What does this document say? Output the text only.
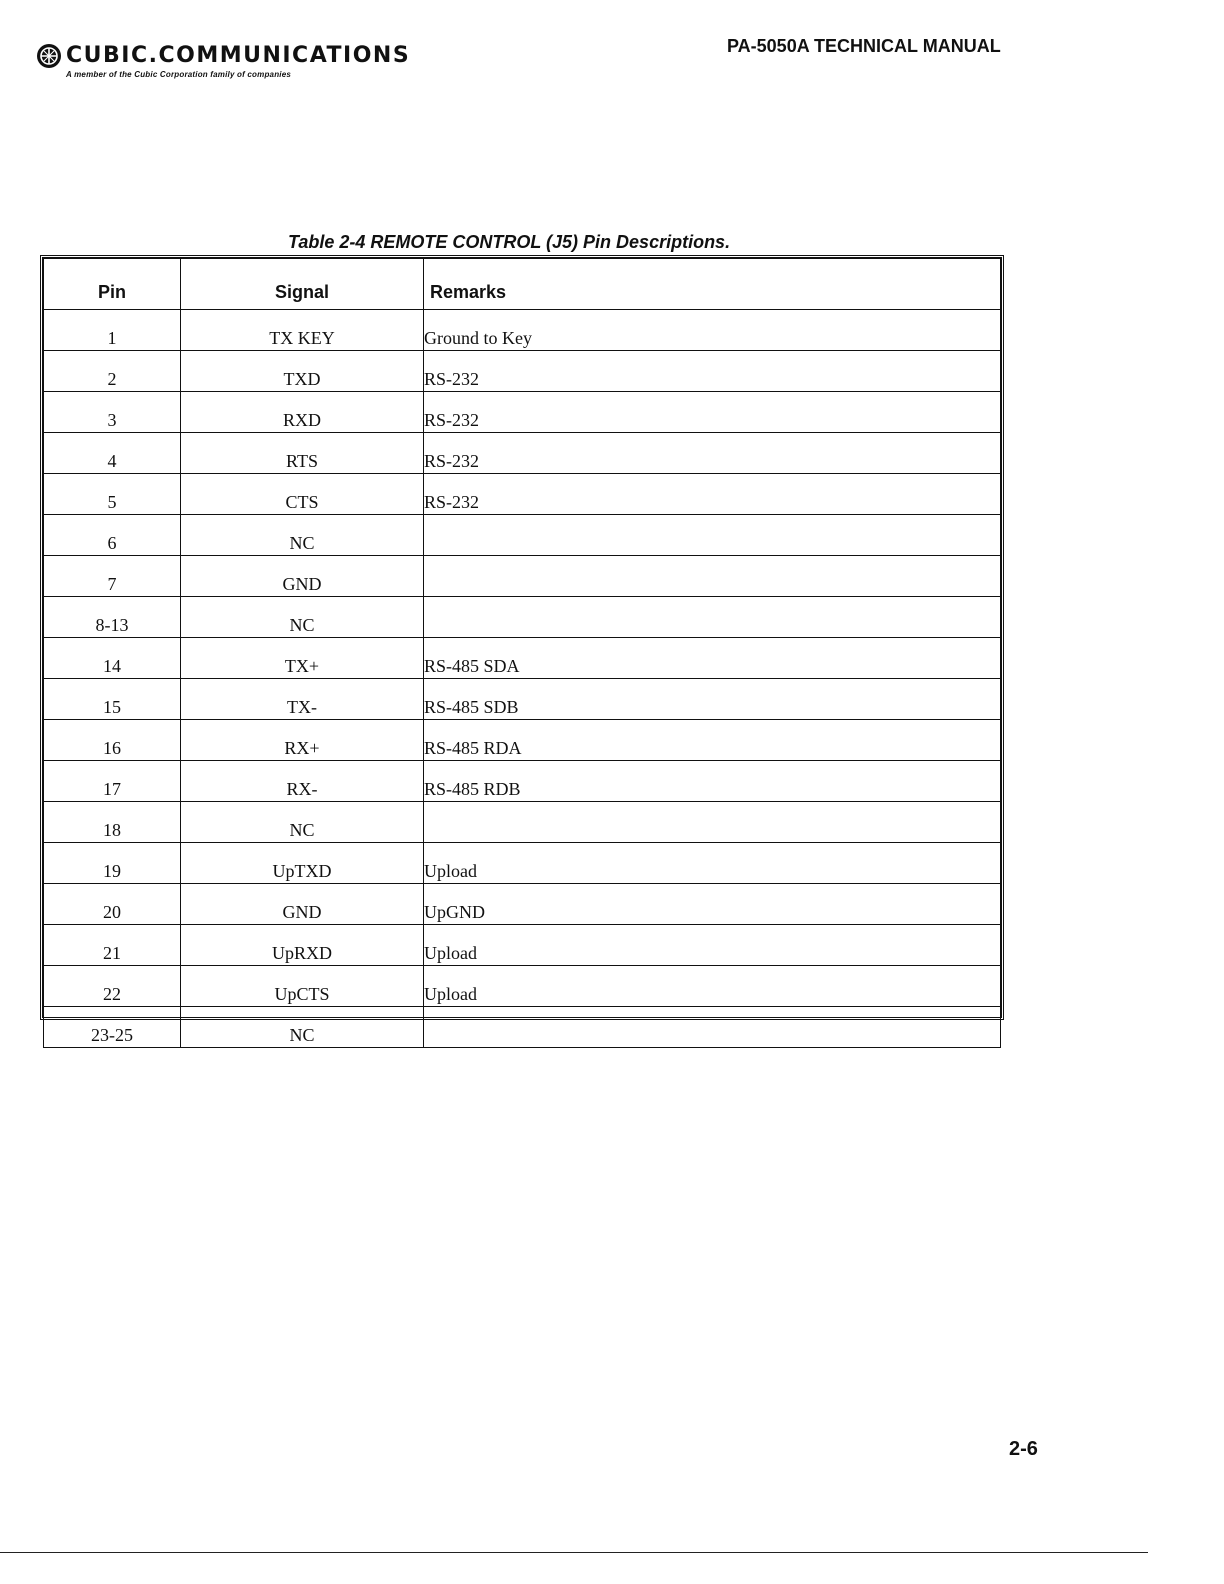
CUBIC.COMMUNICATIONS
A member of the Cubic Corporation family of companies
PA-5050A TECHNICAL MANUAL
Table 2-4 REMOTE CONTROL (J5) Pin Descriptions.
Pin	Signal	Remarks
1	TX KEY	Ground to Key
2	TXD	RS-232
3	RXD	RS-232
4	RTS	RS-232
5	CTS	RS-232
6	NC	
7	GND	
8-13	NC	
14	TX+	RS-485 SDA
15	TX-	RS-485 SDB
16	RX+	RS-485 RDA
17	RX-	RS-485 RDB
18	NC	
19	UpTXD	Upload
20	GND	UpGND
21	UpRXD	Upload
22	UpCTS	Upload
23-25	NC	
2-6
